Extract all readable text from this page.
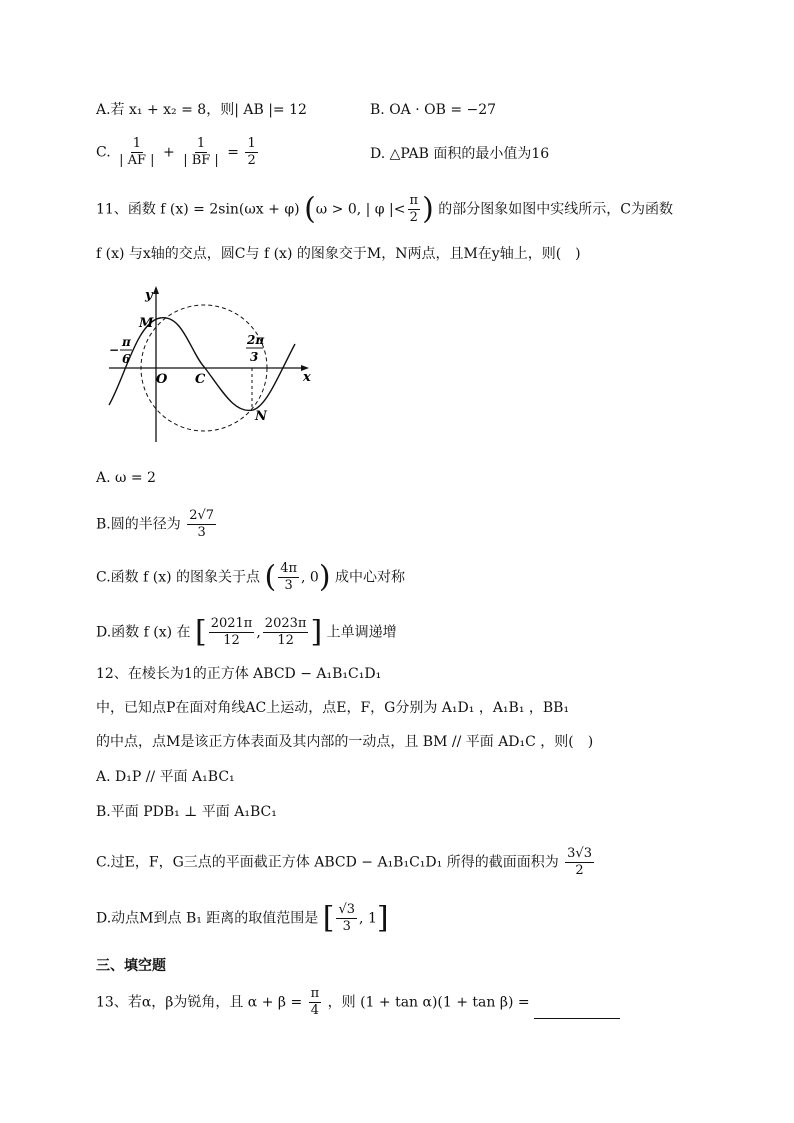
A.若 x₁ + x₂ = 8，则| AB |= 12	B. OA · OB = −27
C. $\frac{1}{| AF |} + \frac{1}{| BF |} = \frac{1}{2}$	D. △PAB 面积的最小值为16
11、函数 f (x) = 2sin(ωx + φ) (ω > 0, | φ |< $\frac{\pi}{2}$ ) 的部分图象如图中实线所示，C为函数
f (x) 与x轴的交点，圆C与 f (x) 的图象交于M，N两点，且M在y轴上，则(　)
y
x
M
O C
N
−
π
6
2π
3
A. ω = 2
B.圆的半径为 $\frac{2√7}{3}$
C.函数 f (x) 的图象关于点 ( $\frac{4\pi}{3}$ , 0) 成中心对称
D.函数 f (x) 在 [ $\frac{2021\pi}{12}$ , $\frac{2023\pi}{12}$ ] 上单调递增
12、在棱长为1的正方体 ABCD − A₁B₁C₁D₁
中，已知点P在面对角线AC上运动，点E，F，G分别为 A₁D₁ ，A₁B₁ ，BB₁
的中点，点M是该正方体表面及其内部的一动点，且 BM // 平面 AD₁C ，则(　)
A. D₁P // 平面 A₁BC₁
B.平面 PDB₁ ⊥ 平面 A₁BC₁
C.过E，F，G三点的平面截正方体 ABCD − A₁B₁C₁D₁ 所得的截面面积为 $\frac{3√3}{2}$
D.动点M到点 B₁ 距离的取值范围是 [ $\frac{√3}{3}$ , 1]
三、填空题
13、若α，β为锐角，且 $\alpha + \beta = \frac{\pi}{4}$ ，则 (1 + tan α)(1 + tan β) =
